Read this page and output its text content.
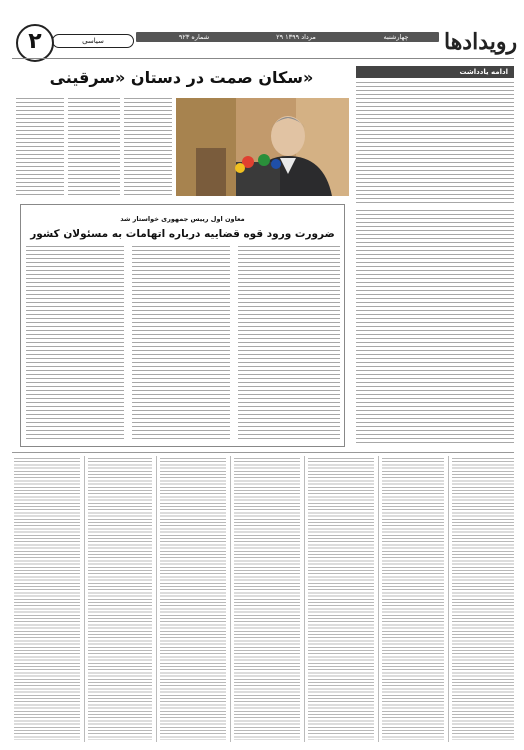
رویدادها
چهارشنبه
۲۹ مرداد ۱۳۹۹
شماره ۹۲۳
سیاسی
۲
سکان صمت در دستان «سرقینی»	ادامه یادداشت
معاون اول رییس جمهوری خواستار شد
ضرورت ورود قوه قضاییه درباره اتهامات به مسئولان کشور
